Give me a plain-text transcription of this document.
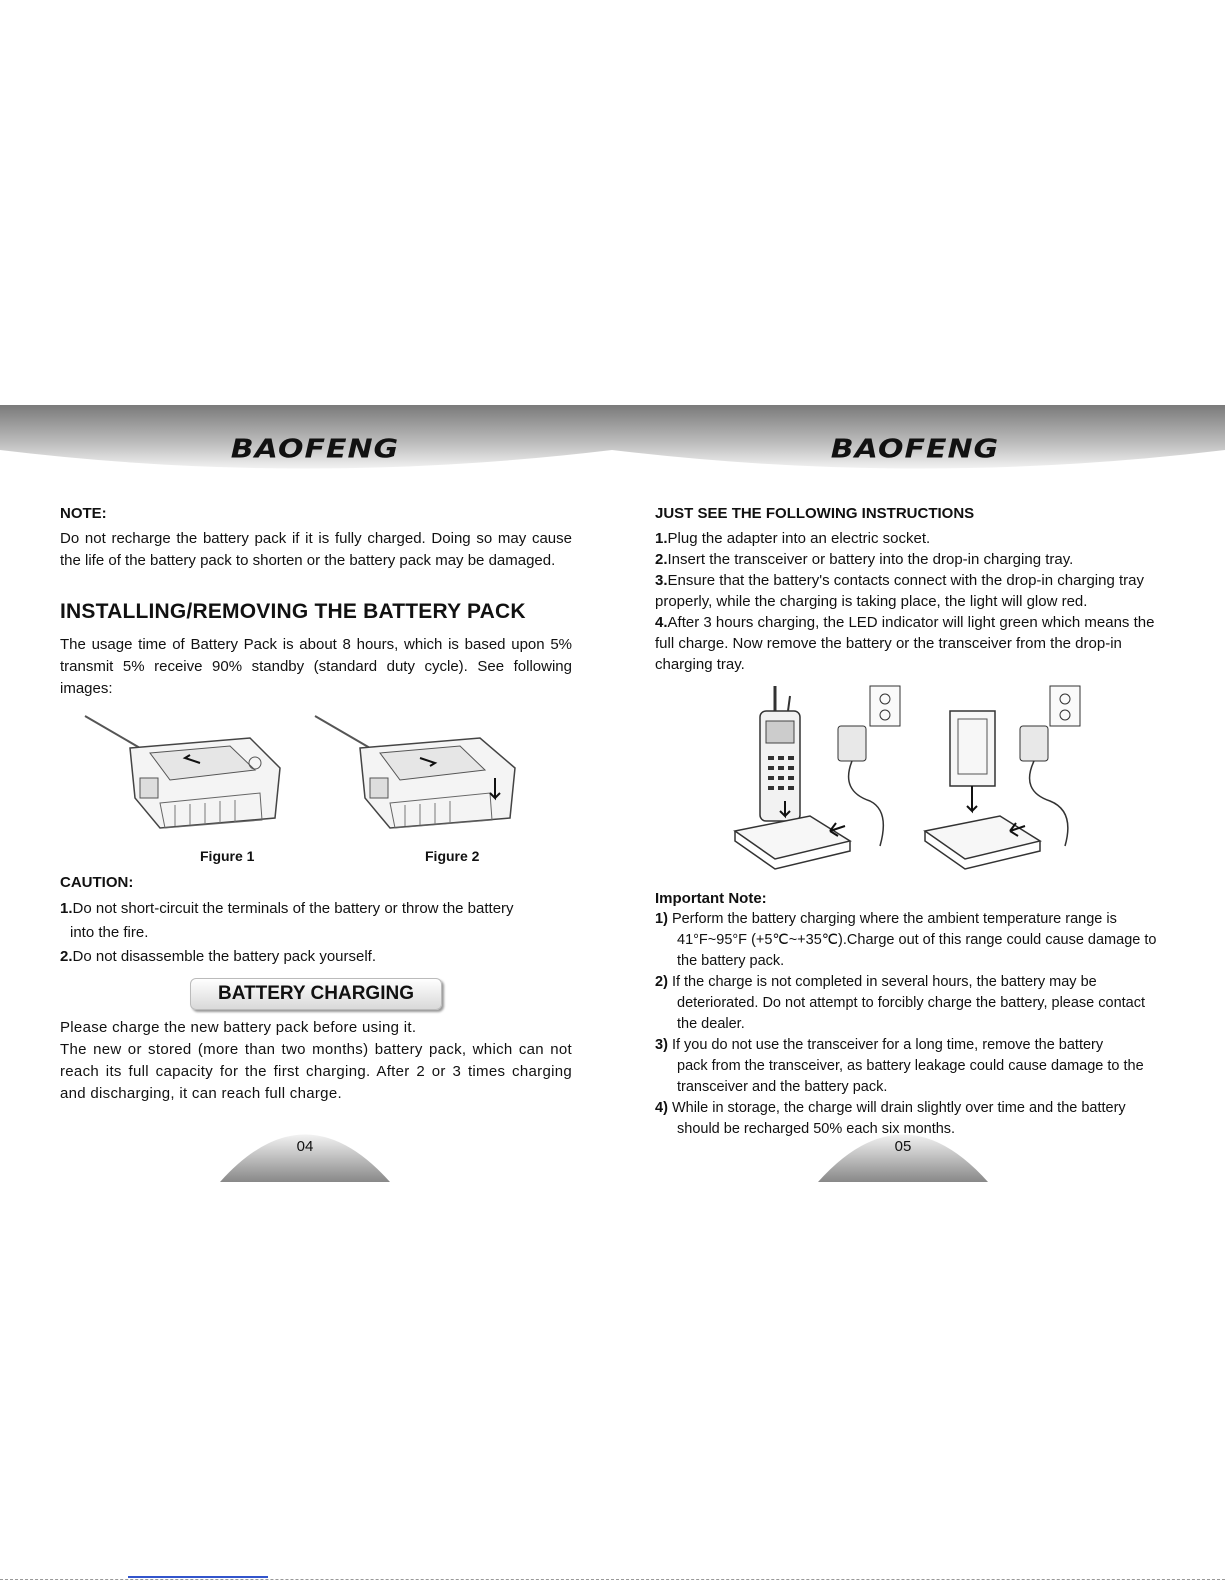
BAOFENG	BAOFENG
NOTE:

Do not recharge the battery pack if it is fully charged. Doing so may cause the life of the battery pack to shorten or the battery pack may be damaged.

INSTALLING/REMOVING THE BATTERY PACK

The usage time of Battery Pack is about 8 hours, which is based upon 5% transmit 5% receive 90% standby (standard duty cycle). See following images:

Figure 1	Figure 2
CAUTION:

1.Do not short-circuit the terminals of the battery or throw the battery
into the fire.

2.Do not disassemble the battery pack yourself.

BATTERY CHARGING

Please charge the new battery pack before using it.

The new or stored (more than two months) battery pack, which can not reach its full capacity for the first charging. After 2 or 3 times charging and discharging, it can reach full charge.

JUST SEE THE FOLLOWING INSTRUCTIONS

1.Plug the adapter into an electric socket.

2.Insert the transceiver or battery into the drop-in charging tray.

3.Ensure that the battery's contacts connect with the drop-in charging tray properly, while the charging is taking place, the light will glow red.

4.After 3 hours charging, the LED indicator will light green which means the full charge. Now remove the battery or the transceiver from the drop-in charging tray.

Important Note:

1) Perform the battery charging where the ambient temperature range is
41°F~95°F (+5℃~+35℃).Charge out of this range could cause damage to the battery pack.

2) If the charge is not completed in several hours, the battery may be
deteriorated. Do not attempt to forcibly charge the battery, please contact the dealer.

3) If you do not use the transceiver for a long time, remove the battery
pack from the transceiver, as battery leakage could cause damage to the transceiver and the battery pack.

4) While in storage, the charge will drain slightly over time and the battery
should be recharged 50% each six months.

04	05
